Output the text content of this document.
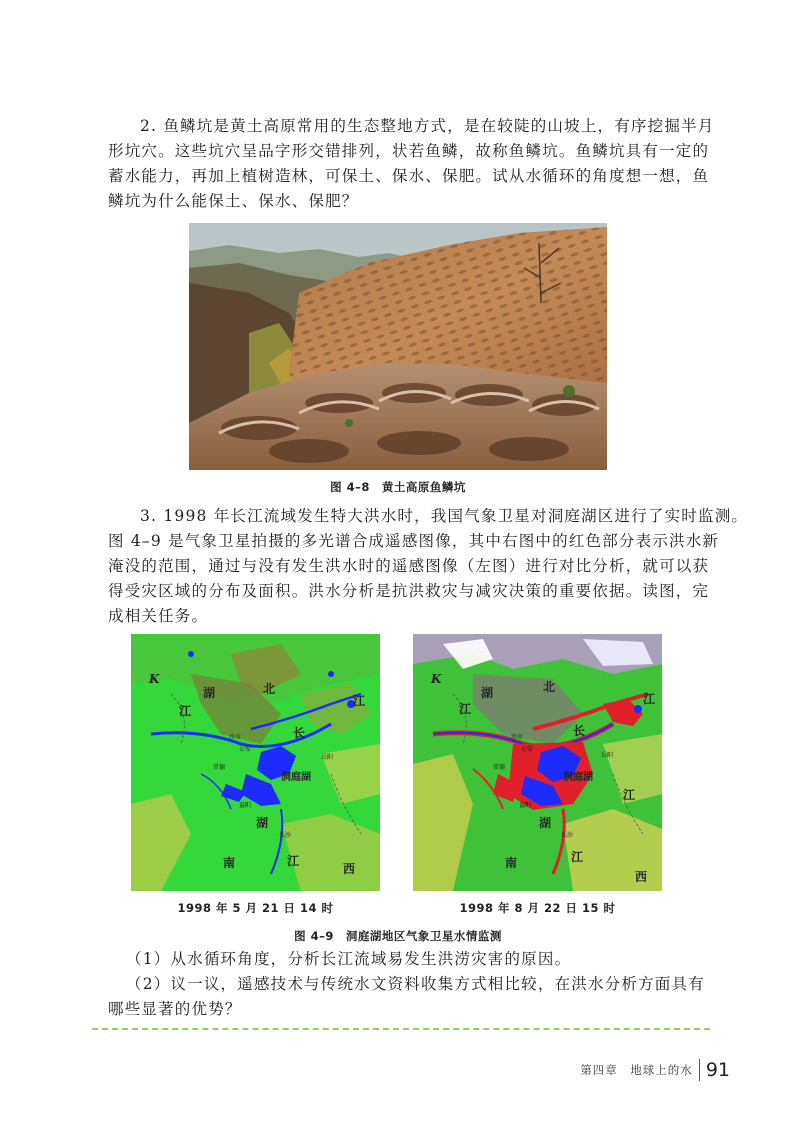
2. 鱼鳞坑是黄土高原常用的生态整地方式，是在较陡的山坡上，有序挖掘半月
形坑穴。这些坑穴呈品字形交错排列，状若鱼鳞，故称鱼鳞坑。鱼鳞坑具有一定的
蓄水能力，再加上植树造林，可保土、保水、保肥。试从水循环的角度想一想，鱼
鳞坑为什么能保土、保水、保肥？
图 4–8　黄土高原鱼鳞坑
3. 1998 年长江流域发生特大洪水时，我国气象卫星对洞庭湖区进行了实时监测。
图 4–9 是气象卫星拍摄的多光谱合成遥感图像，其中右图中的红色部分表示洪水新
淹没的范围，通过与没有发生洪水时的遥感图像（左图）进行对比分析，就可以获
得受灾区域的分布及面积。洪水分析是抗洪救灾与减灾决策的重要依据。读图，完
成相关任务。
K
湖	北
江
江
长
洞庭湖
湖
南	江
西
沙市
公安
常德
岳阳
益阳
长沙
K
湖	北
江
江
长
洞庭湖
湖
江
南	江
西
沙市
公安
常德
岳阳
益阳
长沙
1998 年 5 月 21 日 14 时	1998 年 8 月 22 日 15 时
图 4–9　洞庭湖地区气象卫星水情监测
（1）从水循环角度，分析长江流域易发生洪涝灾害的原因。
（2）议一议，遥感技术与传统水文资料收集方式相比较，在洪水分析方面具有
哪些显著的优势？
第四章　地球上的水 91
